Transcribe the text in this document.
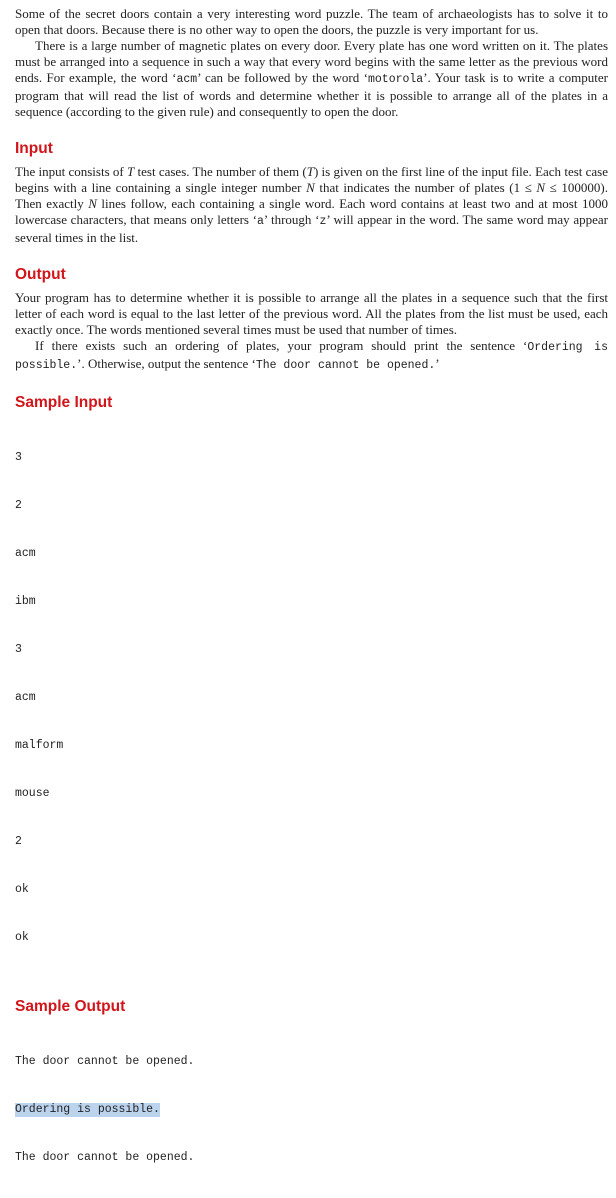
Some of the secret doors contain a very interesting word puzzle. The team of archaeologists has to solve it to open that doors. Because there is no other way to open the doors, the puzzle is very important for us.

There is a large number of magnetic plates on every door. Every plate has one word written on it. The plates must be arranged into a sequence in such a way that every word begins with the same letter as the previous word ends. For example, the word ‘acm’ can be followed by the word ‘motorola’. Your task is to write a computer program that will read the list of words and determine whether it is possible to arrange all of the plates in a sequence (according to the given rule) and consequently to open the door.

Input

The input consists of T test cases. The number of them (T) is given on the first line of the input file. Each test case begins with a line containing a single integer number N that indicates the number of plates (1 ≤ N ≤ 100000). Then exactly N lines follow, each containing a single word. Each word contains at least two and at most 1000 lowercase characters, that means only letters ‘a’ through ‘z’ will appear in the word. The same word may appear several times in the list.

Output

Your program has to determine whether it is possible to arrange all the plates in a sequence such that the first letter of each word is equal to the last letter of the previous word. All the plates from the list must be used, each exactly once. The words mentioned several times must be used that number of times.

If there exists such an ordering of plates, your program should print the sentence ‘Ordering is possible.’. Otherwise, output the sentence ‘The door cannot be opened.’

Sample Input

3

2

acm

ibm

3

acm

malform

mouse

2

ok

ok

Sample Output

The door cannot be opened.

Ordering is possible.

The door cannot be opened.
